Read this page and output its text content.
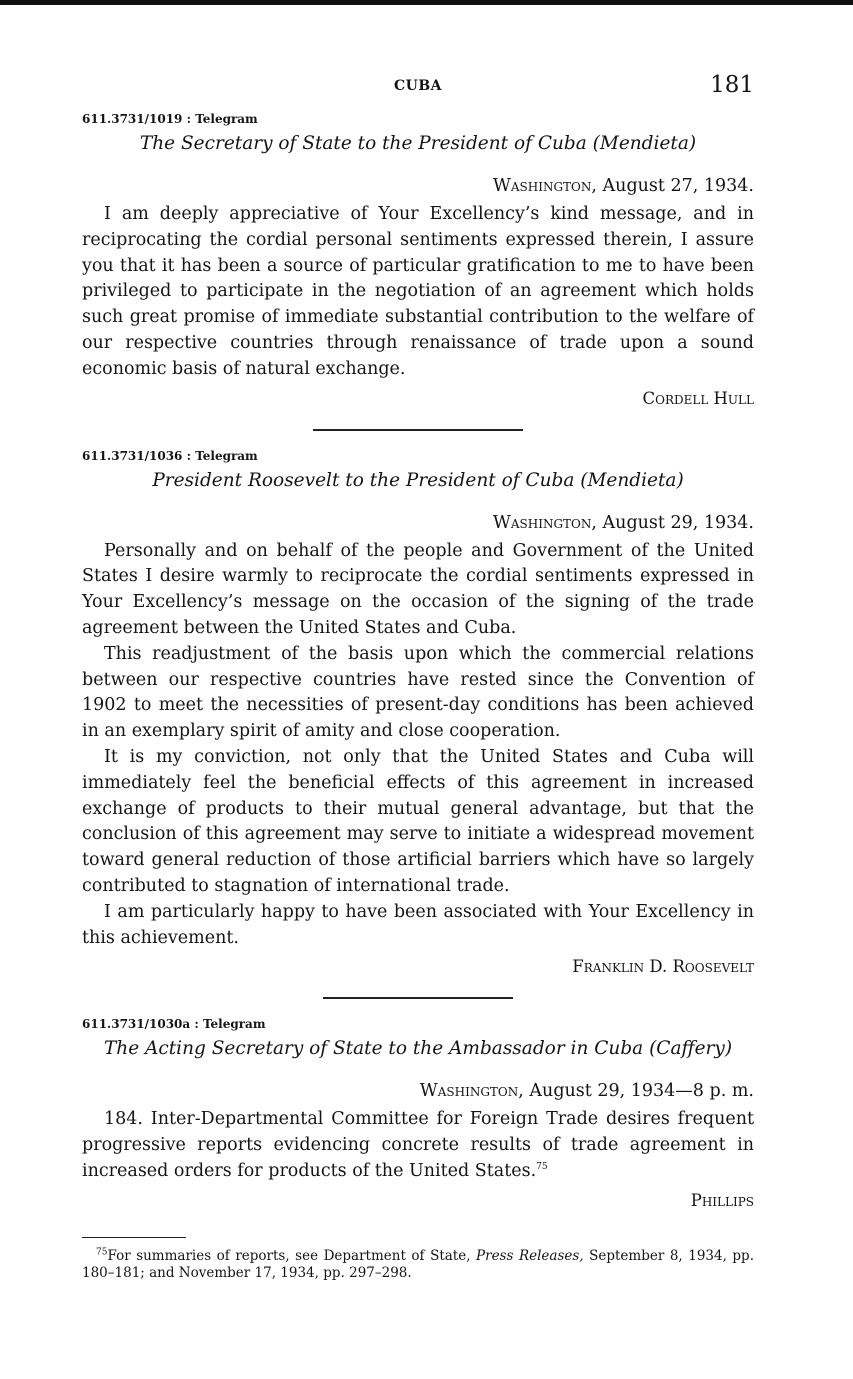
CUBA	181
611.3731/1019 : Telegram
The Secretary of State to the President of Cuba (Mendieta)
Washington, August 27, 1934.

I am deeply appreciative of Your Excellency’s kind message, and in reciprocating the cordial personal sentiments expressed therein, I assure you that it has been a source of particular gratification to me to have been privileged to participate in the negotiation of an agreement which holds such great promise of immediate substantial contribution to the welfare of our respective countries through renaissance of trade upon a sound economic basis of natural exchange.

Cordell Hull
611.3731/1036 : Telegram
President Roosevelt to the President of Cuba (Mendieta)
Washington, August 29, 1934.

Personally and on behalf of the people and Government of the United States I desire warmly to reciprocate the cordial sentiments expressed in Your Excellency’s message on the occasion of the signing of the trade agreement between the United States and Cuba.

This readjustment of the basis upon which the commercial relations between our respective countries have rested since the Convention of 1902 to meet the necessities of present-day conditions has been achieved in an exemplary spirit of amity and close cooperation.

It is my conviction, not only that the United States and Cuba will immediately feel the beneficial effects of this agreement in increased exchange of products to their mutual general advantage, but that the conclusion of this agreement may serve to initiate a widespread movement toward general reduction of those artificial barriers which have so largely contributed to stagnation of international trade.

I am particularly happy to have been associated with Your Excellency in this achievement.

Franklin D. Roosevelt
611.3731/1030a : Telegram
The Acting Secretary of State to the Ambassador in Cuba (Caffery)
Washington, August 29, 1934—8 p. m.

184. Inter-Departmental Committee for Foreign Trade desires frequent progressive reports evidencing concrete results of trade agreement in increased orders for products of the United States.$^{75}$

Phillips

$^{75}$For summaries of reports, see Department of State, Press Releases, September 8, 1934, pp. 180–181; and November 17, 1934, pp. 297–298.
